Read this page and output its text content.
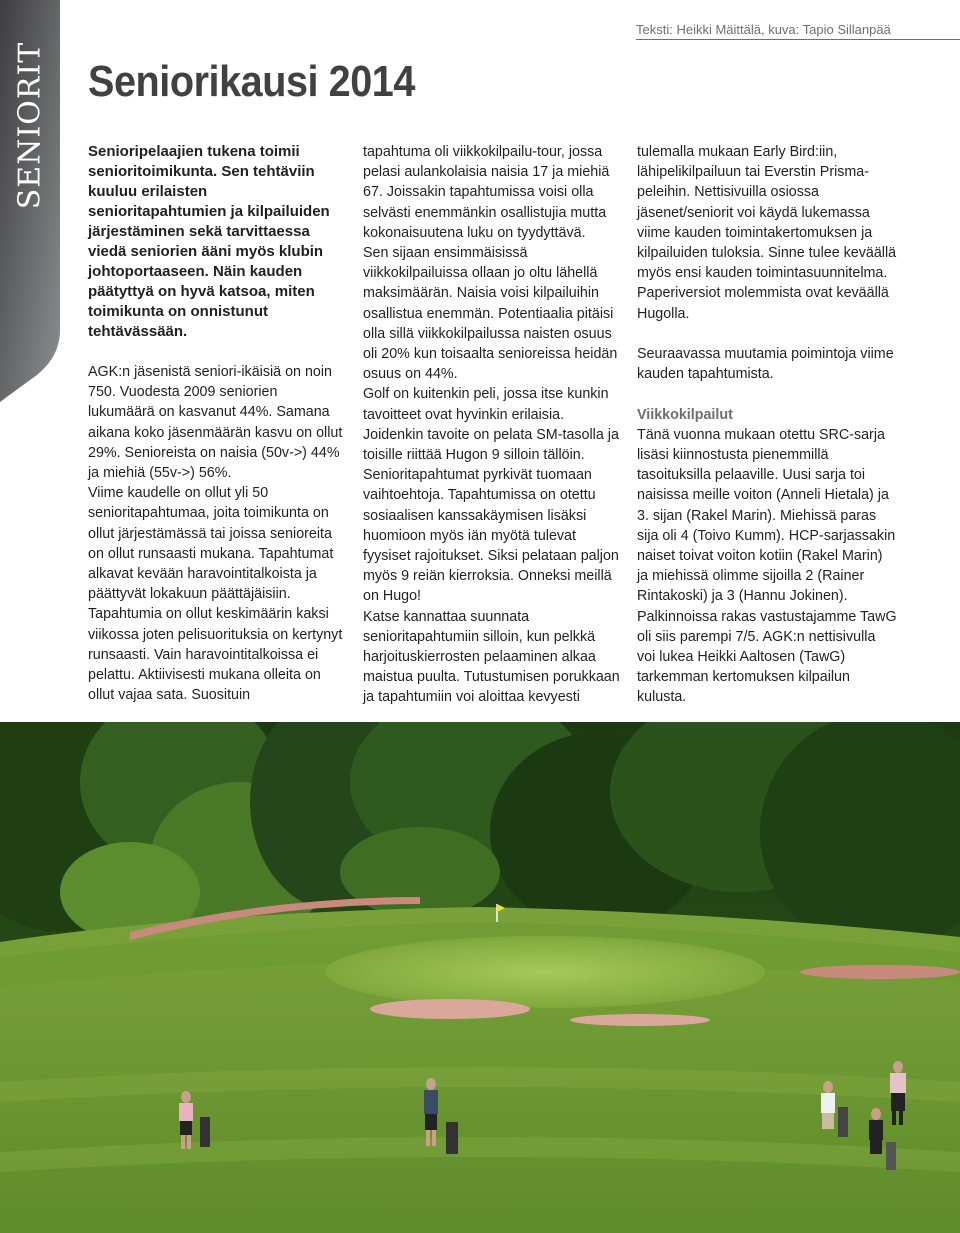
SENIORIT
Teksti: Heikki Mäittälä, kuva: Tapio Sillanpää
Seniorikausi 2014

Senioripelaajien tukena toimii senioritoimikunta. Sen tehtäviin kuuluu erilaisten senioritapahtumien ja kilpailuiden järjestäminen sekä tarvittaessa viedä seniorien ääni myös klubin johtoportaaseen. Näin kauden päätyttyä on hyvä katsoa, miten toimikunta on onnistunut tehtävässään.

AGK:n jäsenistä seniori-ikäisiä on noin 750. Vuodesta 2009 seniorien lukumäärä on kasvanut 44%. Samana aikana koko jäsenmäärän kasvu on ollut 29%. Senioreista on naisia (50v->) 44% ja miehiä (55v->) 56%.

Viime kaudelle on ollut yli 50 senioritapahtumaa, joita toimikunta on ollut järjestämässä tai joissa senioreita on ollut runsaasti mukana. Tapahtumat alkavat kevään haravointitalkoista ja päättyvät lokakuun päättäjäisiin.

Tapahtumia on ollut keskimäärin kaksi viikossa joten pelisuorituksia on kertynyt runsaasti. Vain haravointitalkoissa ei pelattu. Aktiivisesti mukana olleita on ollut vajaa sata. Suosituin

tapahtuma oli viikkokilpailu-tour, jossa pelasi aulankolaisia naisia 17 ja miehiä 67. Joissakin tapahtumissa voisi olla selvästi enemmänkin osallistujia mutta kokonaisuutena luku on tyydyttävä.

Sen sijaan ensimmäisissä viikkokilpailuissa ollaan jo oltu lähellä maksimäärän. Naisia voisi kilpailuihin osallistua enemmän. Potentiaalia pitäisi olla sillä viikkokilpailussa naisten osuus oli 20% kun toisaalta senioreissa heidän osuus on 44%.

Golf on kuitenkin peli, jossa itse kunkin tavoitteet ovat hyvinkin erilaisia. Joidenkin tavoite on pelata SM-tasolla ja toisille riittää Hugon 9 silloin tällöin.

Senioritapahtumat pyrkivät tuomaan vaihtoehtoja. Tapahtumissa on otettu sosiaalisen kanssakäymisen lisäksi huomioon myös iän myötä tulevat fyysiset rajoitukset. Siksi pelataan paljon myös 9 reiän kierroksia. Onneksi meillä on Hugo!

Katse kannattaa suunnata senioritapahtumiin silloin, kun pelkkä harjoituskierrosten pelaaminen alkaa maistua puulta. Tutustumisen porukkaan ja tapahtumiin voi aloittaa kevyesti

tulemalla mukaan Early Bird:iin, lähipelikilpailuun tai Everstin Prisma-peleihin. Nettisivuilla osiossa jäsenet/seniorit voi käydä lukemassa viime kauden toimintakertomuksen ja kilpailuiden tuloksia. Sinne tulee keväällä myös ensi kauden toimintasuunnitelma. Paperiversiot molemmista ovat keväällä Hugolla.

Seuraavassa muutamia poimintoja viime kauden tapahtumista.

Viikkokilpailut

Tänä vuonna mukaan otettu SRC-sarja lisäsi kiinnostusta pienemmillä tasoituksilla pelaaville. Uusi sarja toi naisissa meille voiton (Anneli Hietala) ja 3. sijan (Rakel Marin). Miehissä paras sija oli 4 (Toivo Kumm). HCP-sarjassakin naiset toivat voiton kotiin (Rakel Marin) ja miehissä olimme sijoilla 2 (Rainer Rintakoski) ja 3 (Hannu Jokinen). Palkinnoissa rakas vastustajamme TawG oli siis parempi 7/5. AGK:n nettisivulla voi lukea Heikki Aaltosen (TawG) tarkemman kertomuksen kilpailun kulusta.
